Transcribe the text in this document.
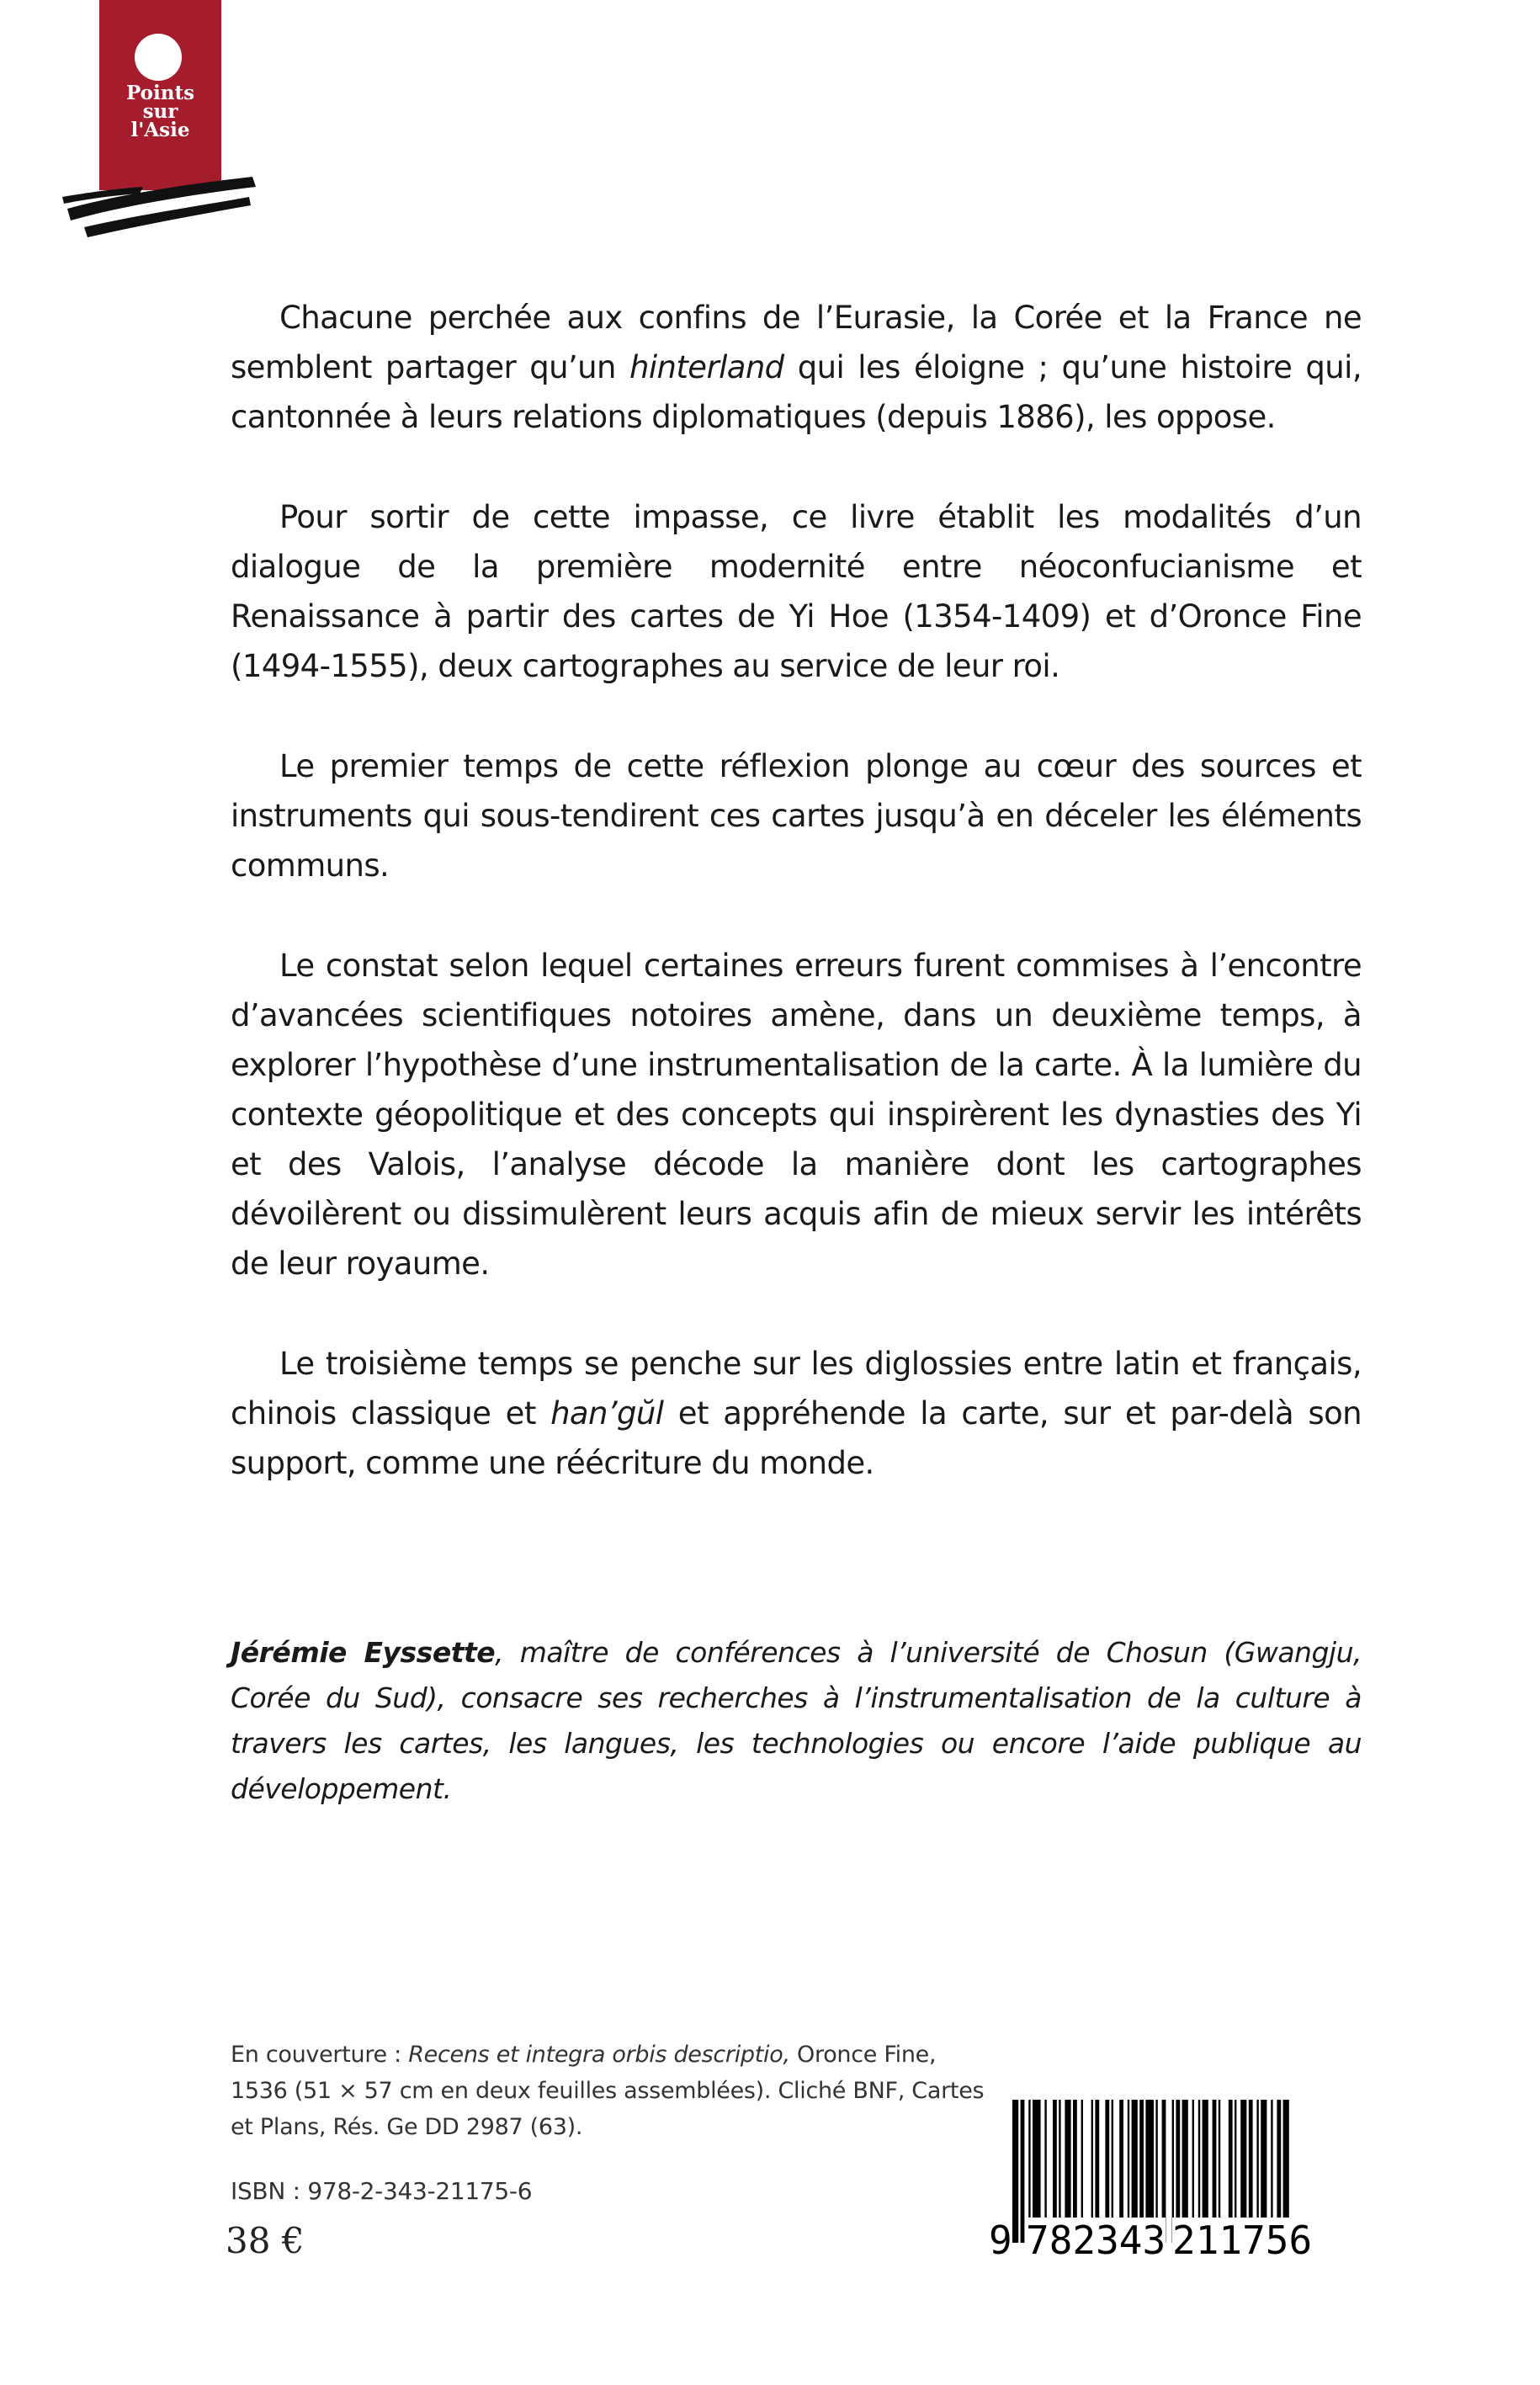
Points
sur
l'Asie

Chacune perchée aux confins de l’Eurasie, la Corée et la France ne semblent partager qu’un hinterland qui les éloigne ; qu’une histoire qui, cantonnée à leurs relations diplomatiques (depuis 1886), les oppose.

Pour sortir de cette impasse, ce livre établit les modalités d’un dialogue de la première modernité entre néoconfucianisme et Renaissance à partir des cartes de Yi Hoe (1354-1409) et d’Oronce Fine (1494-1555), deux cartographes au service de leur roi.

Le premier temps de cette réflexion plonge au cœur des sources et instruments qui sous-tendirent ces cartes jusqu’à en déceler les éléments communs.

Le constat selon lequel certaines erreurs furent commises à l’encontre d’avancées scientifiques notoires amène, dans un deuxième temps, à explorer l’hypothèse d’une instrumentalisation de la carte. À la lumière du contexte géopolitique et des concepts qui inspirèrent les dynasties des Yi et des Valois, l’analyse décode la manière dont les cartographes dévoilèrent ou dissimulèrent leurs acquis afin de mieux servir les intérêts de leur royaume.

Le troisième temps se penche sur les diglossies entre latin et français, chinois classique et han’gŭl et appréhende la carte, sur et par-delà son support, comme une réécriture du monde.

Jérémie Eyssette, maître de conférences à l’université de Chosun (Gwangju, Corée du Sud), consacre ses recherches à l’instrumentalisation de la culture à travers les cartes, les langues, les technologies ou encore l’aide publique au développement.

En couverture : Recens et integra orbis descriptio, Oronce Fine, 1536 (51 × 57 cm en deux feuilles assemblées). Cliché BNF, Cartes et Plans, Rés. Ge DD 2987 (63).

ISBN : 978-2-343-21175-6
38 €	9 782343 211756
